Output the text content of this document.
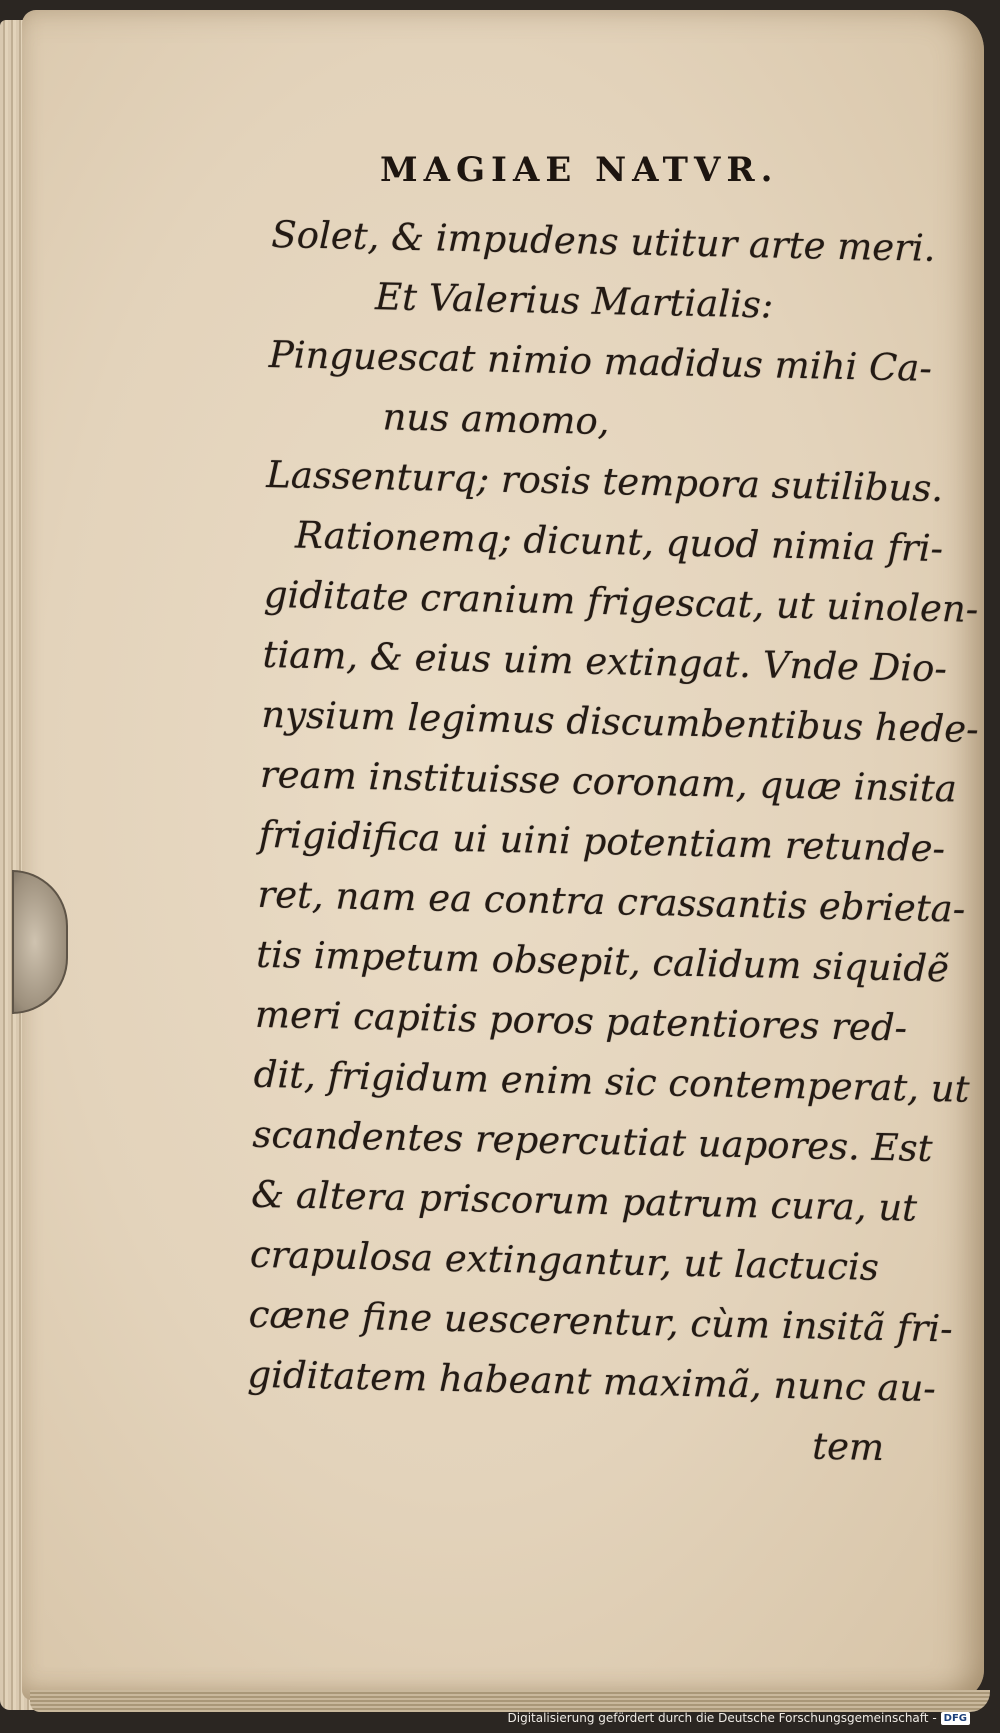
MAGIAE NATVR.
Solet, & impudens utitur arte meri.
Et Valerius Martialis:
Pinguescat nimio madidus mihi Ca-
nus amomo,
Lassenturq; rosis tempora sutilibus.
Rationemq; dicunt, quod nimia fri-
giditate cranium frigescat, ut uinolen-
tiam, & eius uim extingat. Vnde Dio-
nysium legimus discumbentibus hede-
ream instituisse coronam, quæ insita
frigidifica ui uini potentiam retunde-
ret, nam ea contra crassantis ebrieta-
tis impetum obsepit, calidum siquidẽ
meri capitis poros patentiores red-
dit, frigidum enim sic contemperat, ut
scandentes repercutiat uapores. Est
& altera priscorum patrum cura, ut
crapulosa extingantur, ut lactucis
cæne fine uescerentur, cùm insitã fri-
giditatem habeant maximã, nunc au-
tem
Digitalisierung gefördert durch die Deutsche Forschungsgemeinschaft - DFG
